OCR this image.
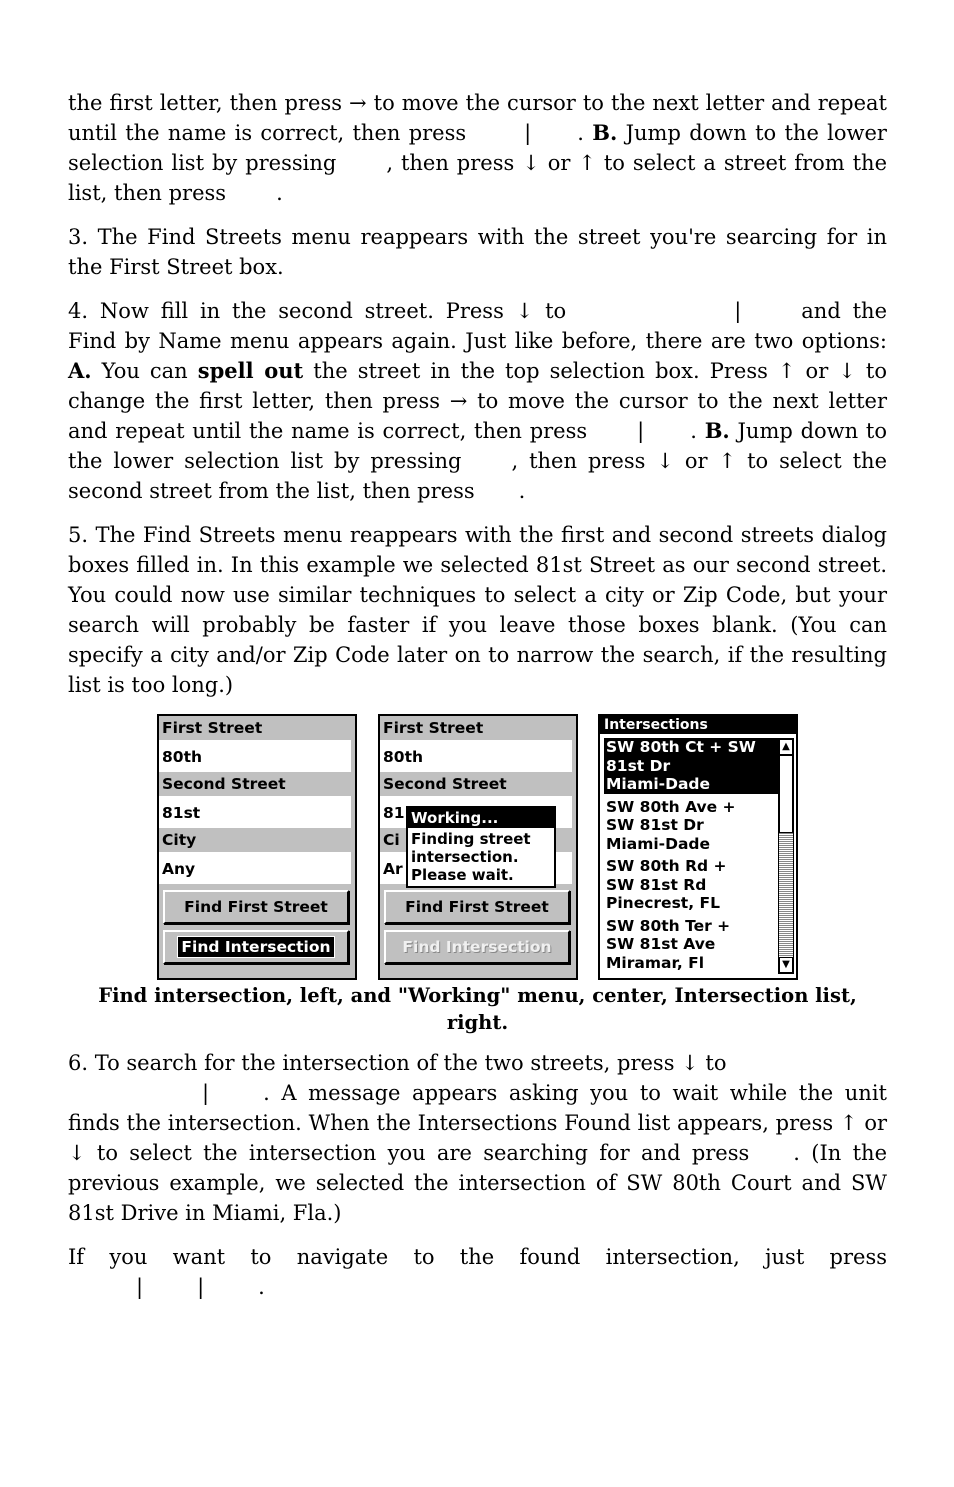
the first letter, then press → to move the cursor to the next letter and repeat until the name is correct, then press	| . B. Jump down to the lower selection list by pressing , then press ↓ or ↑ to select a street from the list, then press .

3. The Find Streets menu reappears with the street you're searcing for in the First Street box.

4. Now fill in the second street. Press ↓ to	|	and the Find by Name menu appears again. Just like before, there are two options: A. You can spell out the street in the top selection box. Press ↑ or ↓ to change the first letter, then press → to move the cursor to the next letter and repeat until the name is correct, then press | . B. Jump down to the lower selection list by pressing , then press ↓ or ↑ to select the second street from the list, then press .

5. The Find Streets menu reappears with the first and second streets dialog boxes filled in. In this example we selected 81st Street as our second street. You could now use similar techniques to select a city or Zip Code, but your search will probably be faster if you leave those boxes blank. (You can specify a city and/or Zip Code later on to narrow the search, if the resulting list is too long.)

First Street
80th
Second Street
81st
City
Any
Find First Street
Find Intersection
First Street
80th
Second Street
81
Ci
Ar
Find First Street
Find Intersection
Working...
Finding street
intersection.
Please wait.
Intersections
SW 80th Ct + SW
81st Dr
Miami-Dade
SW 80th Ave +
SW 81st Dr
Miami-Dade
SW 80th Rd +
SW 81st Rd
Pinecrest, FL
SW 80th Ter +
SW 81st Ave
Miramar, Fl
▲
▼
Find intersection, left, and "Working" menu, center, Intersection list, right.

6. To search for the intersection of the two streets, press ↓ to
|	. A message appears asking you to wait while the unit finds the intersection. When the Intersections Found list appears, press ↑ or ↓ to select the intersection you are searching for and press . (In the previous example, we selected the intersection of SW 80th Court and SW 81st Drive in Miami, Fla.)

If you want to navigate to the found intersection, just press

|	|	.
